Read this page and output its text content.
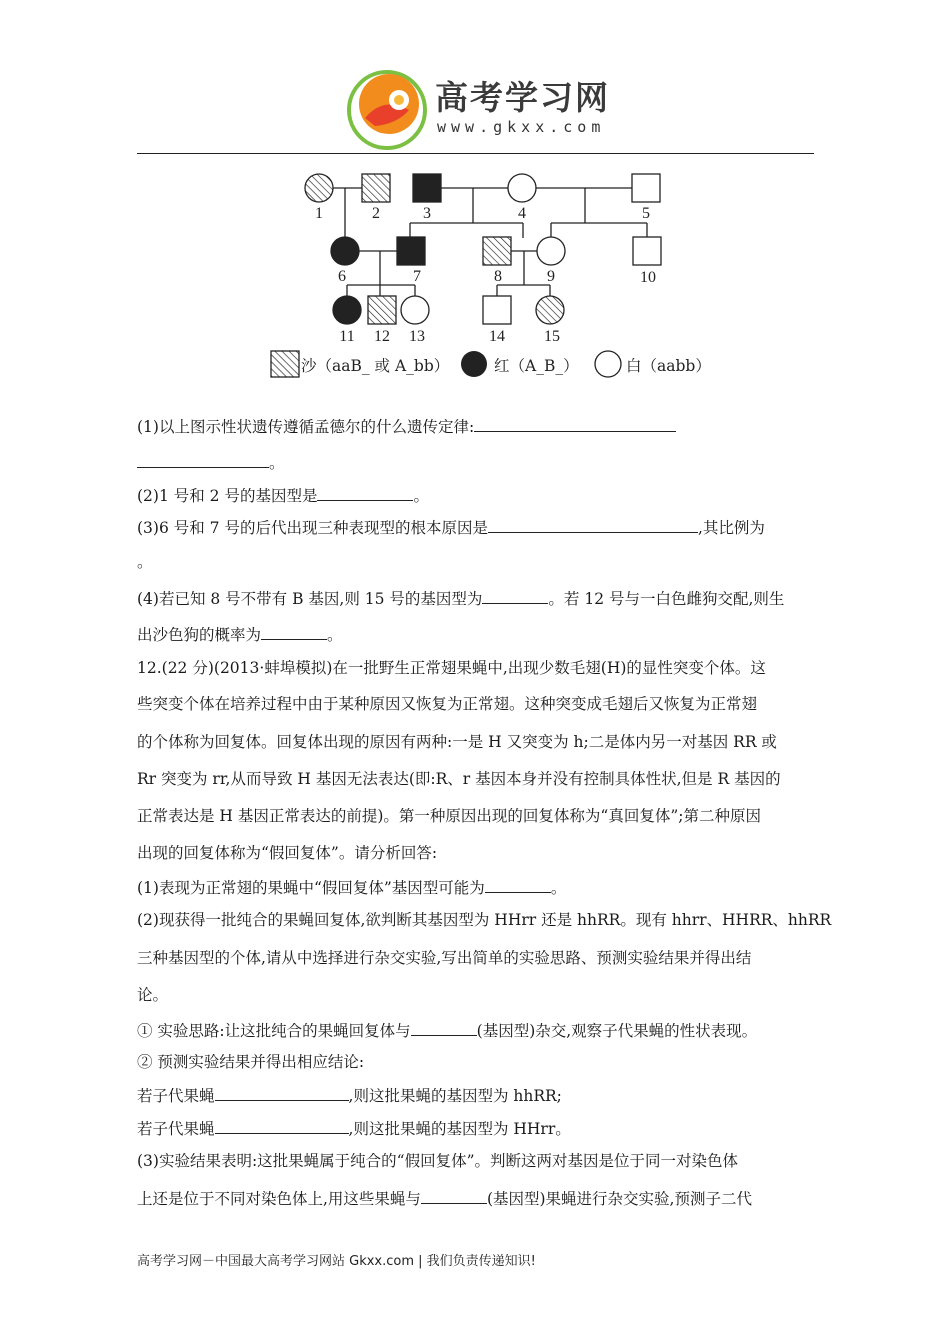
高考学习网
www.gkxx.com
1	2	3	4	5
6	7	8	9	10
11 12 13	14 15
沙（aaB_ 或 A_bb）	红（A_B_）	白（aabb）
(1)以上图示性状遗传遵循孟德尔的什么遗传定律:
。
(2)1 号和 2 号的基因型是	。
(3)6 号和 7 号的后代出现三种表现型的根本原因是	,其比例为
。
(4)若已知 8 号不带有 B 基因,则 15 号的基因型为	。若 12 号与一白色雌狗交配,则生
出沙色狗的概率为	。
12.(22 分)(2013·蚌埠模拟)在一批野生正常翅果蝇中,出现少数毛翅(H)的显性突变个体。这
些突变个体在培养过程中由于某种原因又恢复为正常翅。这种突变成毛翅后又恢复为正常翅
的个体称为回复体。回复体出现的原因有两种:一是 H 又突变为 h;二是体内另一对基因 RR 或
Rr 突变为 rr,从而导致 H 基因无法表达(即:R、r 基因本身并没有控制具体性状,但是 R 基因的
正常表达是 H 基因正常表达的前提)。第一种原因出现的回复体称为“真回复体”;第二种原因
出现的回复体称为“假回复体”。请分析回答:
(1)表现为正常翅的果蝇中“假回复体”基因型可能为	。
(2)现获得一批纯合的果蝇回复体,欲判断其基因型为 HHrr 还是 hhRR。现有 hhrr、HHRR、hhRR
三种基因型的个体,请从中选择进行杂交实验,写出简单的实验思路、预测实验结果并得出结
论。
① 实验思路:让这批纯合的果蝇回复体与	(基因型)杂交,观察子代果蝇的性状表现。
② 预测实验结果并得出相应结论:
若子代果蝇	,则这批果蝇的基因型为 hhRR;
若子代果蝇	,则这批果蝇的基因型为 HHrr。
(3)实验结果表明:这批果蝇属于纯合的“假回复体”。判断这两对基因是位于同一对染色体
上还是位于不同对染色体上,用这些果蝇与	(基因型)果蝇进行杂交实验,预测子二代
高考学习网－中国最大高考学习网站 Gkxx.com | 我们负责传递知识!
